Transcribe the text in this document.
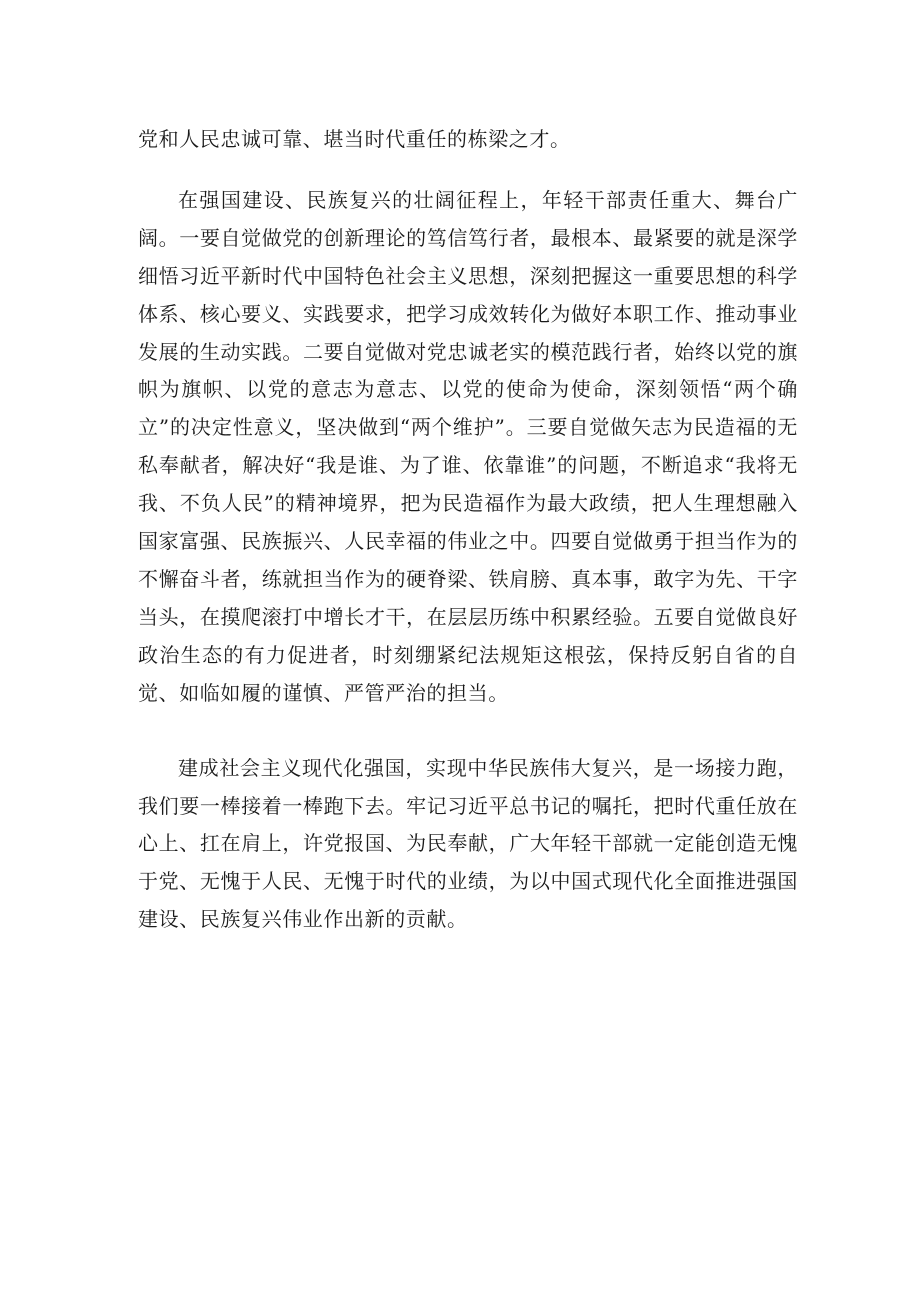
党和人民忠诚可靠、堪当时代重任的栋梁之才。

在强国建设、民族复兴的壮阔征程上，年轻干部责任重大、舞台广阔。一要自觉做党的创新理论的笃信笃行者，最根本、最紧要的就是深学细悟习近平新时代中国特色社会主义思想，深刻把握这一重要思想的科学体系、核心要义、实践要求，把学习成效转化为做好本职工作、推动事业发展的生动实践。二要自觉做对党忠诚老实的模范践行者，始终以党的旗帜为旗帜、以党的意志为意志、以党的使命为使命，深刻领悟“两个确立”的决定性意义，坚决做到“两个维护”。三要自觉做矢志为民造福的无私奉献者，解决好“我是谁、为了谁、依靠谁”的问题，不断追求“我将无我、不负人民”的精神境界，把为民造福作为最大政绩，把人生理想融入国家富强、民族振兴、人民幸福的伟业之中。四要自觉做勇于担当作为的不懈奋斗者，练就担当作为的硬脊梁、铁肩膀、真本事，敢字为先、干字当头，在摸爬滚打中增长才干，在层层历练中积累经验。五要自觉做良好政治生态的有力促进者，时刻绷紧纪法规矩这根弦，保持反躬自省的自觉、如临如履的谨慎、严管严治的担当。

建成社会主义现代化强国，实现中华民族伟大复兴，是一场接力跑，我们要一棒接着一棒跑下去。牢记习近平总书记的嘱托，把时代重任放在心上、扛在肩上，许党报国、为民奉献，广大年轻干部就一定能创造无愧于党、无愧于人民、无愧于时代的业绩，为以中国式现代化全面推进强国建设、民族复兴伟业作出新的贡献。
